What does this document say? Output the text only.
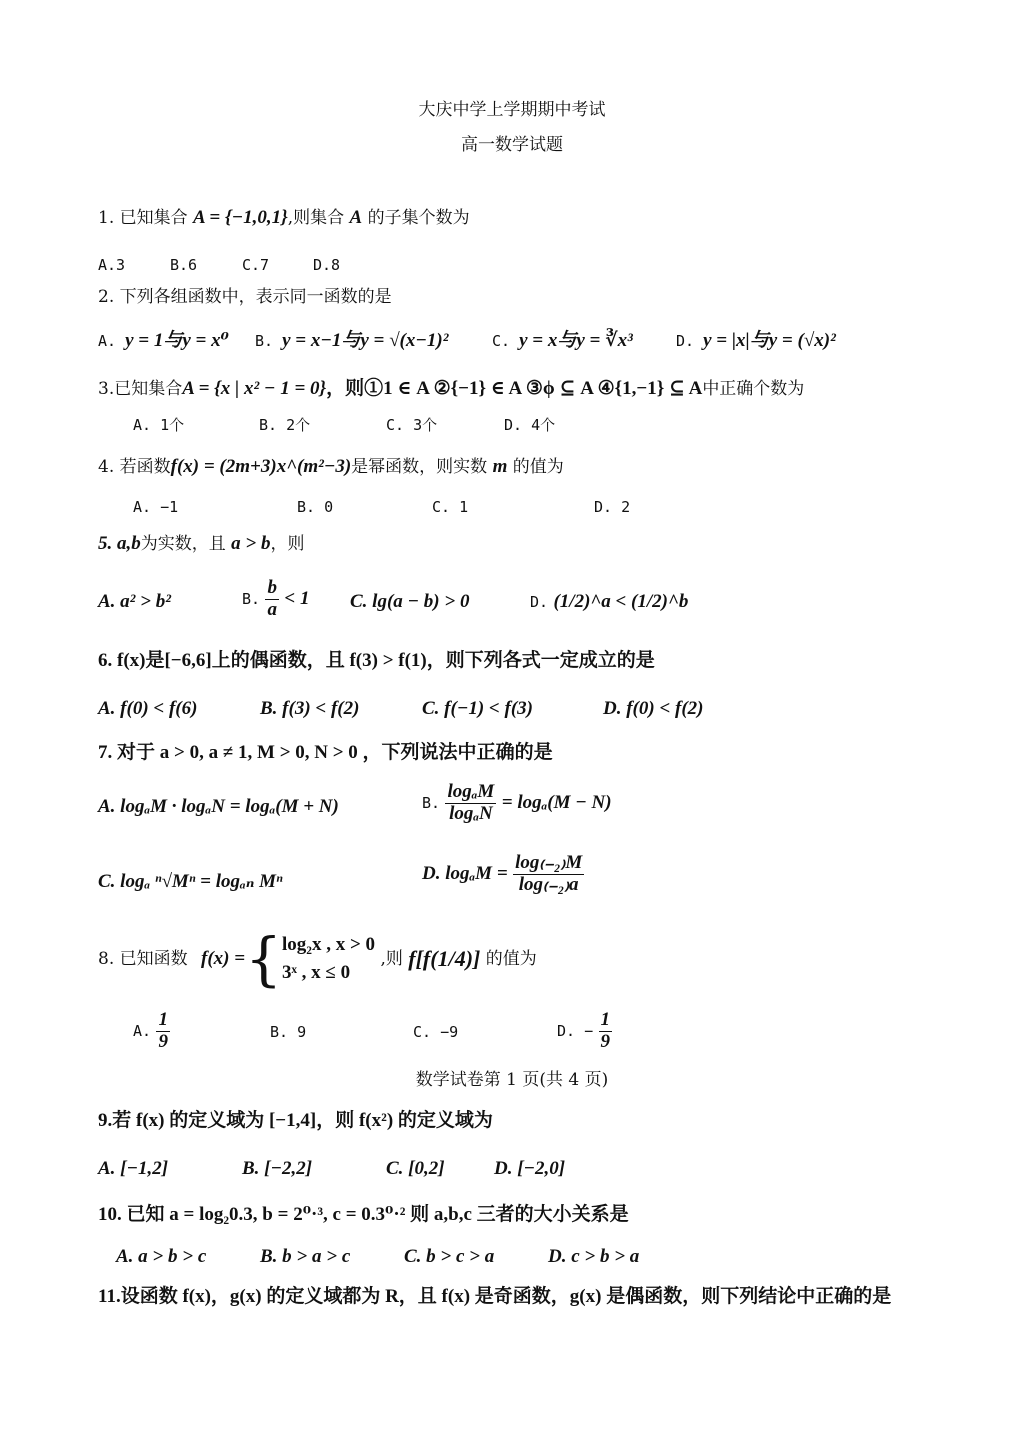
大庆中学上学期期中考试
高一数学试题
1. 已知集合 A = {−1,0,1},则集合 A 的子集个数为
A.3	B.6	C.7	D.8
2. 下列各组函数中，表示同一函数的是
A. y = 1与y = x⁰ B. y = x−1与y = √(x−1)²	C. y = x与y = ∛x³	D. y = |x|与y = (√x)²
3.已知集合A = {x | x² − 1 = 0}，则①1 ∈ A ②{−1} ∈ A ③ϕ ⊆ A ④{1,−1} ⊆ A中正确个数为
A. 1个	B. 2个	C. 3个	D. 4个
4. 若函数f(x) = (2m+3)x^(m²−3)是幂函数，则实数 m 的值为
A. −1	B. 0	C. 1	D. 2
5. a,b为实数，且 a > b，则
A. a² > b²	B. $\frac{b}{a} < 1$ C. lg(a − b) > 0	D. (1/2)^a < (1/2)^b
6. f(x)是[−6,6]上的偶函数，且 f(3) > f(1)，则下列各式一定成立的是
A. f(0) < f(6)	B. f(3) < f(2)	C. f(−1) < f(3)	D. f(0) < f(2)
7. 对于 a > 0, a ≠ 1, M > 0, N > 0 ，下列说法中正确的是
A. logₐM · logₐN = logₐ(M + N)	B. $\frac{\text{logₐM}}{\text{logₐN}} = \log_a(M - N)$
C. logₐ ⁿ√Mⁿ = logₐₙ Mⁿ	D. $\log_aM = \frac{\text{log₍₋₂₎M}}{\text{log₍₋₂₎a}}$
8. 已知函数 f(x) ={ log₂x , x > 0
3ˣ , x ≤ 0
,则 f[f(1/4)] 的值为
A. $\frac{1}{9}$	B. 9	C. −9	D. − $\frac{1}{9}$
数学试卷第 1 页(共 4 页)
9.若 f(x) 的定义域为 [−1,4]，则 f(x²) 的定义域为
A. [−1,2]	B. [−2,2]	C. [0,2]	D. [−2,0]
10. 已知 a = log₂0.3, b = 2⁰·³, c = 0.3⁰·² 则 a,b,c 三者的大小关系是
A. a > b > c	B. b > a > c	C. b > c > a	D. c > b > a
11.设函数 f(x)，g(x) 的定义域都为 R，且 f(x) 是奇函数，g(x) 是偶函数，则下列结论中正确的是
